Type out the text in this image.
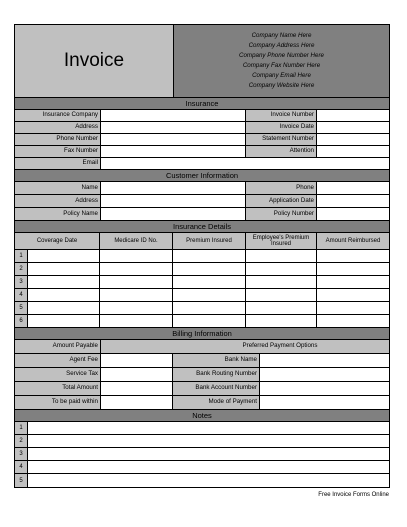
Invoice
Company Name Here
Company Address Here
Company Phone Number Here
Company Fax Number Here
Company Email Here
Company Website Here
Insurance
Insurance Company	Invoice Number
Address	Invoice Date
Phone Number	Statement Number
Fax Number	Attention
Email
Customer Information
Name	Phone
Address	Application Date
Policy Name	Policy Number
Insurance Details
Coverage Date	Medicare ID No.	Premium Insured	Employee's Premium Insured	Amount Reimbursed
1
2
3
4
5
6
Billing Information
Amount Payable	Preferred Payment Options
Agent Fee	Bank Name
Service Tax	Bank Routing Number
Total Amount	Bank Account Number
To be paid within	Mode of Payment
Notes
1
2
3
4
5
Free Invoice Forms Online
